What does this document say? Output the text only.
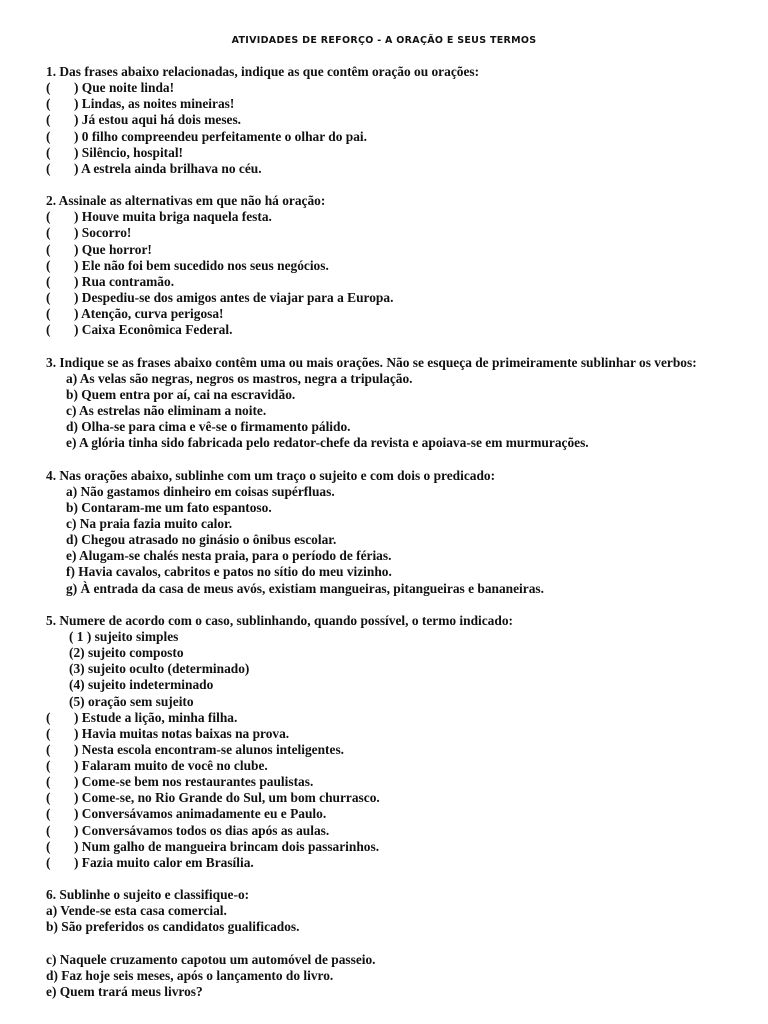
ATIVIDADES DE REFORÇO - A ORAÇÃO E SEUS TERMOS
1. Das frases abaixo relacionadas, indique as que contêm oração ou orações:
( ) Que noite linda!
( ) Lindas, as noites mineiras!
( ) Já estou aqui há dois meses.
( ) 0 filho compreendeu perfeitamente o olhar do pai.
( ) Silêncio, hospital!
( ) A estrela ainda brilhava no céu.
2. Assinale as alternativas em que não há oração:
( ) Houve muita briga naquela festa.
( ) Socorro!
( ) Que horror!
( ) Ele não foi bem sucedido nos seus negócios.
( ) Rua contramão.
( ) Despediu-se dos amigos antes de viajar para a Europa.
( ) Atenção, curva perigosa!
( ) Caixa Econômica Federal.
3. Indique se as frases abaixo contêm uma ou mais orações. Não se esqueça de primeiramente sublinhar os verbos:
a) As velas são negras, negros os mastros, negra a tripulação.
b) Quem entra por aí, cai na escravidão.
c) As estrelas não eliminam a noite.
d) Olha-se para cima e vê-se o firmamento pálido.
e) A glória tinha sido fabricada pelo redator-chefe da revista e apoiava-se em murmurações.
4. Nas orações abaixo, sublinhe com um traço o sujeito e com dois o predicado:
a) Não gastamos dinheiro em coisas supérfluas.
b) Contaram-me um fato espantoso.
c) Na praia fazia muito calor.
d) Chegou atrasado no ginásio o ônibus escolar.
e) Alugam-se chalés nesta praia, para o período de férias.
f) Havia cavalos, cabritos e patos no sítio do meu vizinho.
g) À entrada da casa de meus avós, existiam mangueiras, pitangueiras e bananeiras.
5. Numere de acordo com o caso, sublinhando, quando possível, o termo indicado:
( 1 ) sujeito simples
(2) sujeito composto
(3) sujeito oculto (determinado)
(4) sujeito indeterminado
(5) oração sem sujeito
( ) Estude a lição, minha filha.
( ) Havia muitas notas baixas na prova.
( ) Nesta escola encontram-se alunos inteligentes.
( ) Falaram muito de você no clube.
( ) Come-se bem nos restaurantes paulistas.
( ) Come-se, no Rio Grande do Sul, um bom churrasco.
( ) Conversávamos animadamente eu e Paulo.
( ) Conversávamos todos os dias após as aulas.
( ) Num galho de mangueira brincam dois passarinhos.
( ) Fazia muito calor em Brasília.
6. Sublinhe o sujeito e classifique-o:
a) Vende-se esta casa comercial.
b) São preferidos os candidatos gualificados.
c) Naquele cruzamento capotou um automóvel de passeio.
d) Faz hoje seis meses, após o lançamento do livro.
e) Quem trará meus livros?
